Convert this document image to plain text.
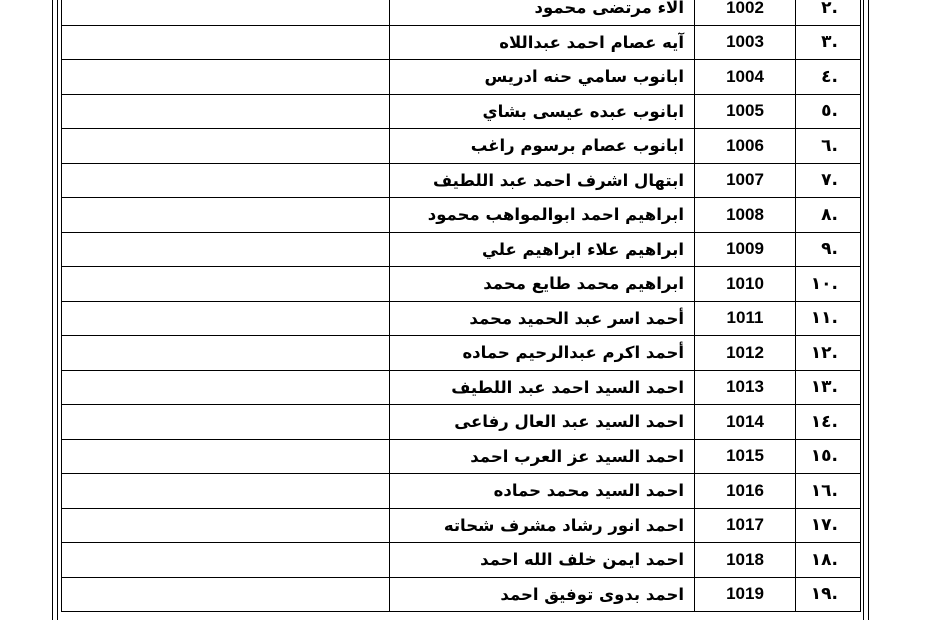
.٢	1002	الاء مرتضى محمود	
.٣	1003	آيه عصام احمد عبداللاه	
.٤	1004	ابانوب سامي حنه ادريس	
.٥	1005	ابانوب عبده عيسى بشاي	
.٦	1006	ابانوب عصام برسوم راغب	
.٧	1007	ابتهال اشرف احمد عبد اللطيف	
.٨	1008	ابراهيم احمد ابوالمواهب محمود	
.٩	1009	ابراهيم علاء ابراهيم علي	
.١٠	1010	ابراهيم محمد طايع محمد	
.١١	1011	أحمد اسر عبد الحميد محمد	
.١٢	1012	أحمد اكرم عبدالرحيم حماده	
.١٣	1013	احمد السيد احمد عبد اللطيف	
.١٤	1014	احمد السيد عبد العال رفاعى	
.١٥	1015	احمد السيد عز العرب احمد	
.١٦	1016	احمد السيد محمد حماده	
.١٧	1017	احمد انور رشاد مشرف شحاته	
.١٨	1018	احمد ايمن خلف الله احمد	
.١٩	1019	احمد بدوى توفيق احمد	
